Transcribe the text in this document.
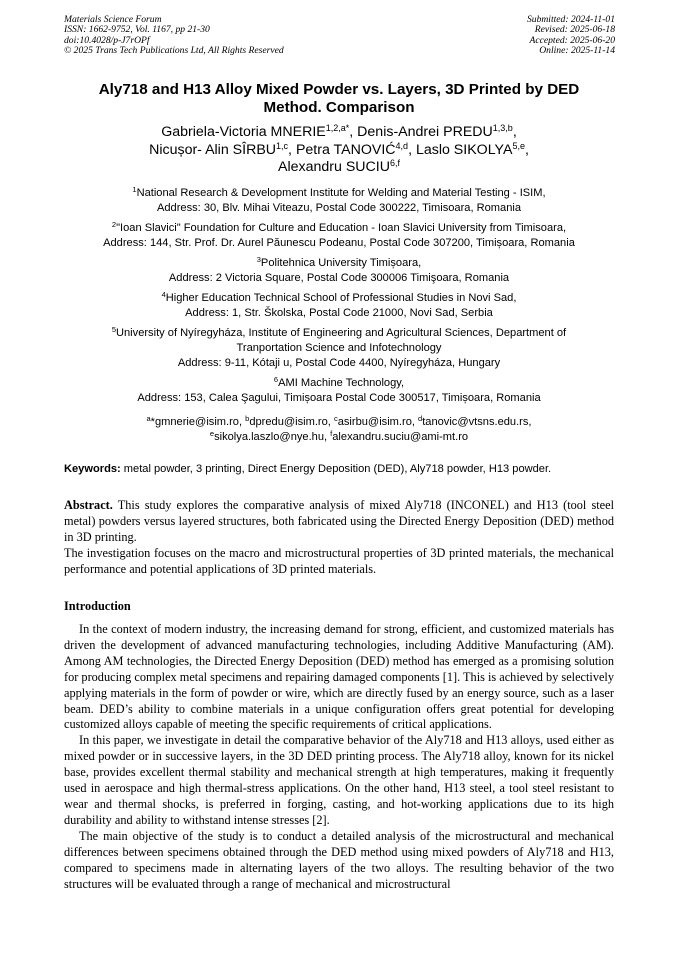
Materials Science Forum
ISSN: 1662-9752, Vol. 1167, pp 21-30
doi:10.4028/p-J7rOPf
© 2025 Trans Tech Publications Ltd, All Rights Reserved
Submitted: 2024-11-01
Revised: 2025-06-18
Accepted: 2025-06-20
Online: 2025-11-14
Aly718 and H13 Alloy Mixed Powder vs. Layers, 3D Printed by DED
Method. Comparison
Gabriela-Victoria $MNERIE^{1,2,a*}$, Denis-Andrei PREDU$^{1,3,b}$,
Nicușor- Alin SÎRBU$^{1,c}$, Petra TANOVIĆ$^{4,d}$, Laslo SIKOLYA$^{5,e}$,
Alexandru SUCIU$^{6,f}$
$^1$National Research & Development Institute for Welding and Material Testing - ISIM,
Address: 30, Blv. Mihai Viteazu, Postal Code 300222, Timisoara, Romania
$^2$"Ioan Slavici" Foundation for Culture and Education - Ioan Slavici University from Timisoara,
Address: 144, Str. Prof. Dr. Aurel Păunescu Podeanu, Postal Code 307200, Timișoara, Romania
$^3$Politehnica University Timișoara,
Address: 2 Victoria Square, Postal Code 300006 Timişoara, Romania
$^4$Higher Education Technical School of Professional Studies in Novi Sad,
Address: 1, Str. Školska, Postal Code 21000, Novi Sad, Serbia
$^5$University of Nyíregyháza, Institute of Engineering and Agricultural Sciences, Department of
Tranportation Science and Infotechnology
Address: 9-11, Kótaji u, Postal Code 4400, Nyíregyháza, Hungary
$^6$AMI Machine Technology,
Address: 153, Calea Şagului, Timișoara Postal Code 300517, Timișoara, Romania
$^a$*gmnerie@isim.ro, $^b$dpredu@isim.ro, $^c$asirbu@isim.ro, $^d$tanovic@vtsns.edu.rs,
$^e$sikolya.laszlo@nye.hu, $^f$alexandru.suciu@ami-mt.ro
Keywords: metal powder, 3 printing, Direct Energy Deposition (DED), Aly718 powder, H13 powder.
Abstract. This study explores the comparative analysis of mixed Aly718 (INCONEL) and H13 (tool steel metal) powders versus layered structures, both fabricated using the Directed Energy Deposition (DED) method in 3D printing.
The investigation focuses on the macro and microstructural properties of 3D printed materials, the mechanical performance and potential applications of 3D printed materials.
Introduction

In the context of modern industry, the increasing demand for strong, efficient, and customized materials has driven the development of advanced manufacturing technologies, including Additive Manufacturing (AM). Among AM technologies, the Directed Energy Deposition (DED) method has emerged as a promising solution for producing complex metal specimens and repairing damaged components [1]. This is achieved by selectively applying materials in the form of powder or wire, which are directly fused by an energy source, such as a laser beam. DED’s ability to combine materials in a unique configuration offers great potential for developing customized alloys capable of meeting the specific requirements of critical applications.

In this paper, we investigate in detail the comparative behavior of the Aly718 and H13 alloys, used either as mixed powder or in successive layers, in the 3D DED printing process. The Aly718 alloy, known for its nickel base, provides excellent thermal stability and mechanical strength at high temperatures, making it frequently used in aerospace and high thermal-stress applications. On the other hand, H13 steel, a tool steel resistant to wear and thermal shocks, is preferred in forging, casting, and hot-working applications due to its high durability and ability to withstand intense stresses [2].

The main objective of the study is to conduct a detailed analysis of the microstructural and mechanical differences between specimens obtained through the DED method using mixed powders of Aly718 and H13, compared to specimens made in alternating layers of the two alloys. The resulting behavior of the two structures will be evaluated through a range of mechanical and microstructural
